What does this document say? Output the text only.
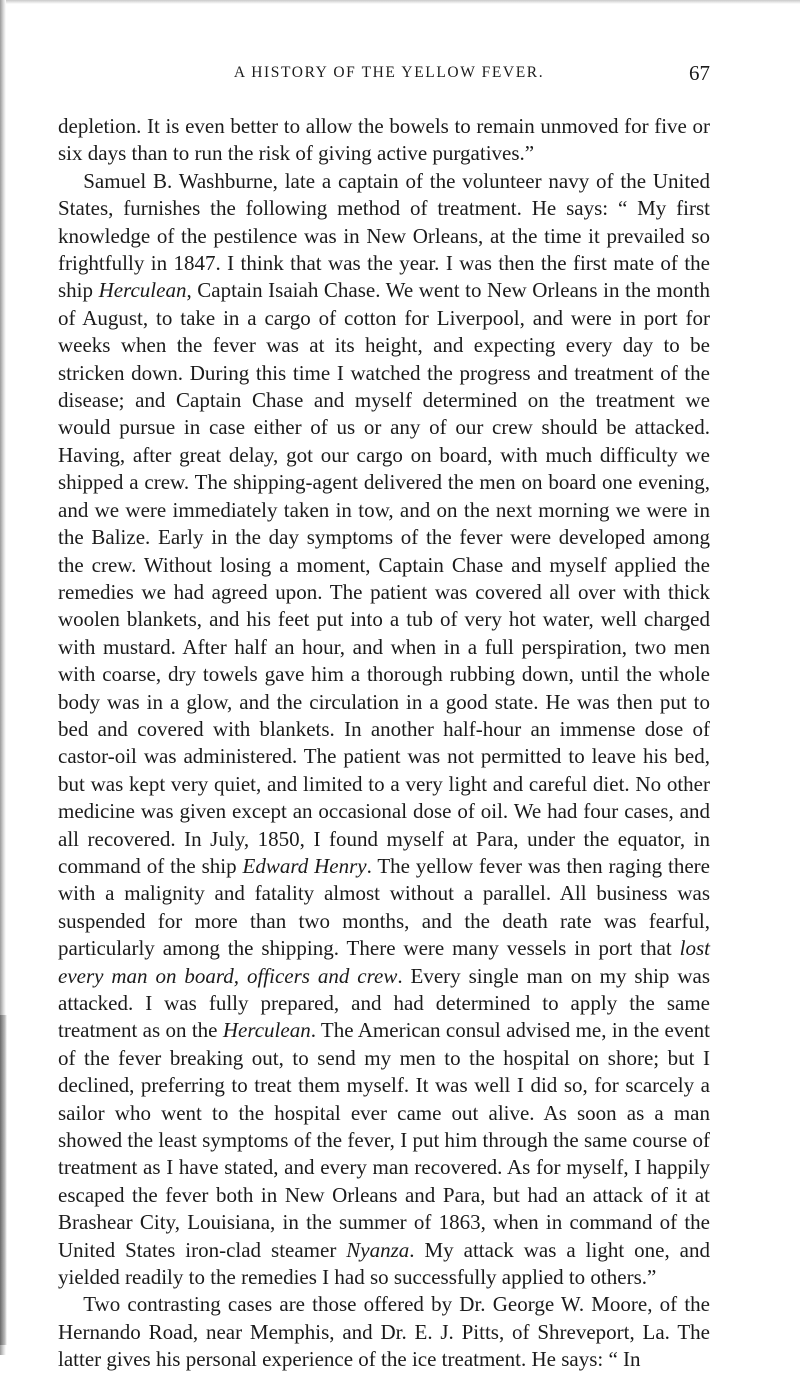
A HISTORY OF THE YELLOW FEVER.	67

depletion. It is even better to allow the bowels to remain unmoved for five or six days than to run the risk of giving active purgatives.”

Samuel B. Washburne, late a captain of the volunteer navy of the United States, furnishes the following method of treatment. He says: “ My first knowledge of the pestilence was in New Orleans, at the time it prevailed so frightfully in 1847. I think that was the year. I was then the first mate of the ship Herculean, Captain Isaiah Chase. We went to New Orleans in the month of August, to take in a cargo of cotton for Liverpool, and were in port for weeks when the fever was at its height, and expecting every day to be stricken down. During this time I watched the progress and treatment of the disease; and Captain Chase and myself determined on the treatment we would pursue in case either of us or any of our crew should be attacked. Having, after great delay, got our cargo on board, with much difficulty we shipped a crew. The shipping-agent delivered the men on board one evening, and we were immediately taken in tow, and on the next morning we were in the Balize. Early in the day symptoms of the fever were developed among the crew. Without losing a moment, Captain Chase and myself applied the remedies we had agreed upon. The patient was covered all over with thick woolen blankets, and his feet put into a tub of very hot water, well charged with mustard. After half an hour, and when in a full perspiration, two men with coarse, dry towels gave him a thorough rubbing down, until the whole body was in a glow, and the circulation in a good state. He was then put to bed and covered with blankets. In another half-hour an immense dose of castor-oil was administered. The patient was not permitted to leave his bed, but was kept very quiet, and limited to a very light and careful diet. No other medicine was given except an occasional dose of oil. We had four cases, and all recovered. In July, 1850, I found myself at Para, under the equator, in command of the ship Edward Henry. The yellow fever was then raging there with a malignity and fatality almost without a parallel. All business was suspended for more than two months, and the death rate was fearful, particularly among the shipping. There were many vessels in port that lost every man on board, officers and crew. Every single man on my ship was attacked. I was fully prepared, and had determined to apply the same treatment as on the Herculean. The American consul advised me, in the event of the fever breaking out, to send my men to the hospital on shore; but I declined, preferring to treat them myself. It was well I did so, for scarcely a sailor who went to the hospital ever came out alive. As soon as a man showed the least symptoms of the fever, I put him through the same course of treatment as I have stated, and every man recovered. As for myself, I happily escaped the fever both in New Orleans and Para, but had an attack of it at Brashear City, Louisiana, in the summer of 1863, when in command of the United States iron-clad steamer Nyanza. My attack was a light one, and yielded readily to the remedies I had so successfully applied to others.”

Two contrasting cases are those offered by Dr. George W. Moore, of the Hernando Road, near Memphis, and Dr. E. J. Pitts, of Shreveport, La. The latter gives his personal experience of the ice treatment. He says: “ In
